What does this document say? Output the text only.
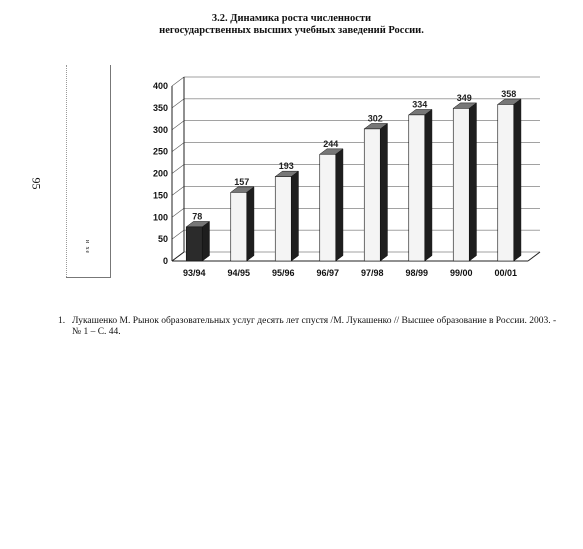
3.2. Динамика роста численности
негосударственных высших учебных заведений России.
95
и хе
0
50
100
150
200
250
300
350
400
78
93/94
157
94/95
193
95/96
244
96/97
302
97/98
334
98/99
349
99/00
358
00/01
1. Лукашенко М. Рынок образовательных услуг десять лет спустя /М. Лукашенко // Высшее образование в России. 2003. - № 1 – С. 44.
